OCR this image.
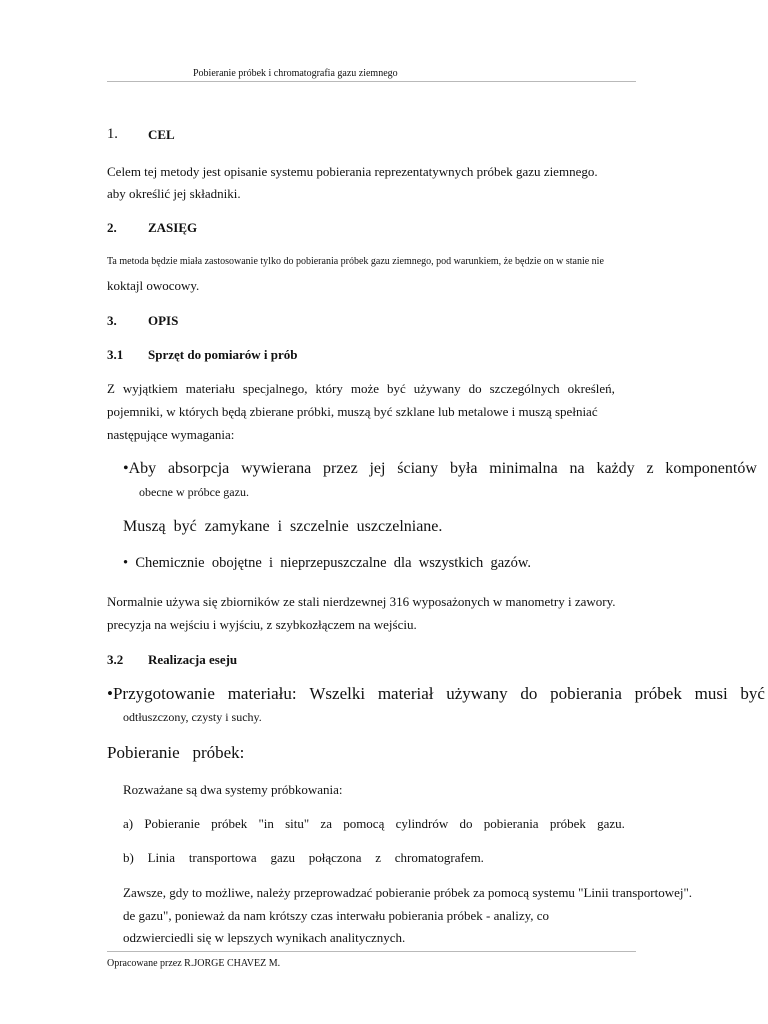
Pobieranie próbek i chromatografia gazu ziemnego
1. CEL
Celem tej metody jest opisanie systemu pobierania reprezentatywnych próbek gazu ziemnego.
aby określić jej składniki.
2. ZASIĘG
Ta metoda będzie miała zastosowanie tylko do pobierania próbek gazu ziemnego, pod warunkiem, że będzie on w stanie nie
koktajl owocowy.
3. OPIS
3.1 Sprzęt do pomiarów i prób
Z wyjątkiem materiału specjalnego, który może być używany do szczególnych określeń,
pojemniki, w których będą zbierane próbki, muszą być szklane lub metalowe i muszą spełniać
następujące wymagania:
•Aby absorpcja wywierana przez jej ściany była minimalna na każdy z komponentów
obecne w próbce gazu.
Muszą  być  zamykane  i  szczelnie  uszczelniane.
•  Chemicznie  obojętne  i  nieprzepuszczalne  dla  wszystkich  gazów.
Normalnie używa się zbiorników ze stali nierdzewnej 316 wyposażonych w manometry i zawory.
precyzja na wejściu i wyjściu, z szybkozłączem na wejściu.
3.2 Realizacja eseju
•Przygotowanie materiału: Wszelki materiał używany do pobierania próbek musi być
odtłuszczony, czysty i suchy.
Pobieranie   próbek:
Rozważane są dwa systemy próbkowania:
a) Pobieranie próbek "in situ" za pomocą cylindrów do pobierania próbek gazu.
b) Linia transportowa gazu połączona z chromatografem.
Zawsze, gdy to możliwe, należy przeprowadzać pobieranie próbek za pomocą systemu "Linii transportowej".
de gazu", ponieważ da nam krótszy czas interwału pobierania próbek - analizy, co
odzwierciedli się w lepszych wynikach analitycznych.
Opracowane przez R.JORGE CHAVEZ M.
